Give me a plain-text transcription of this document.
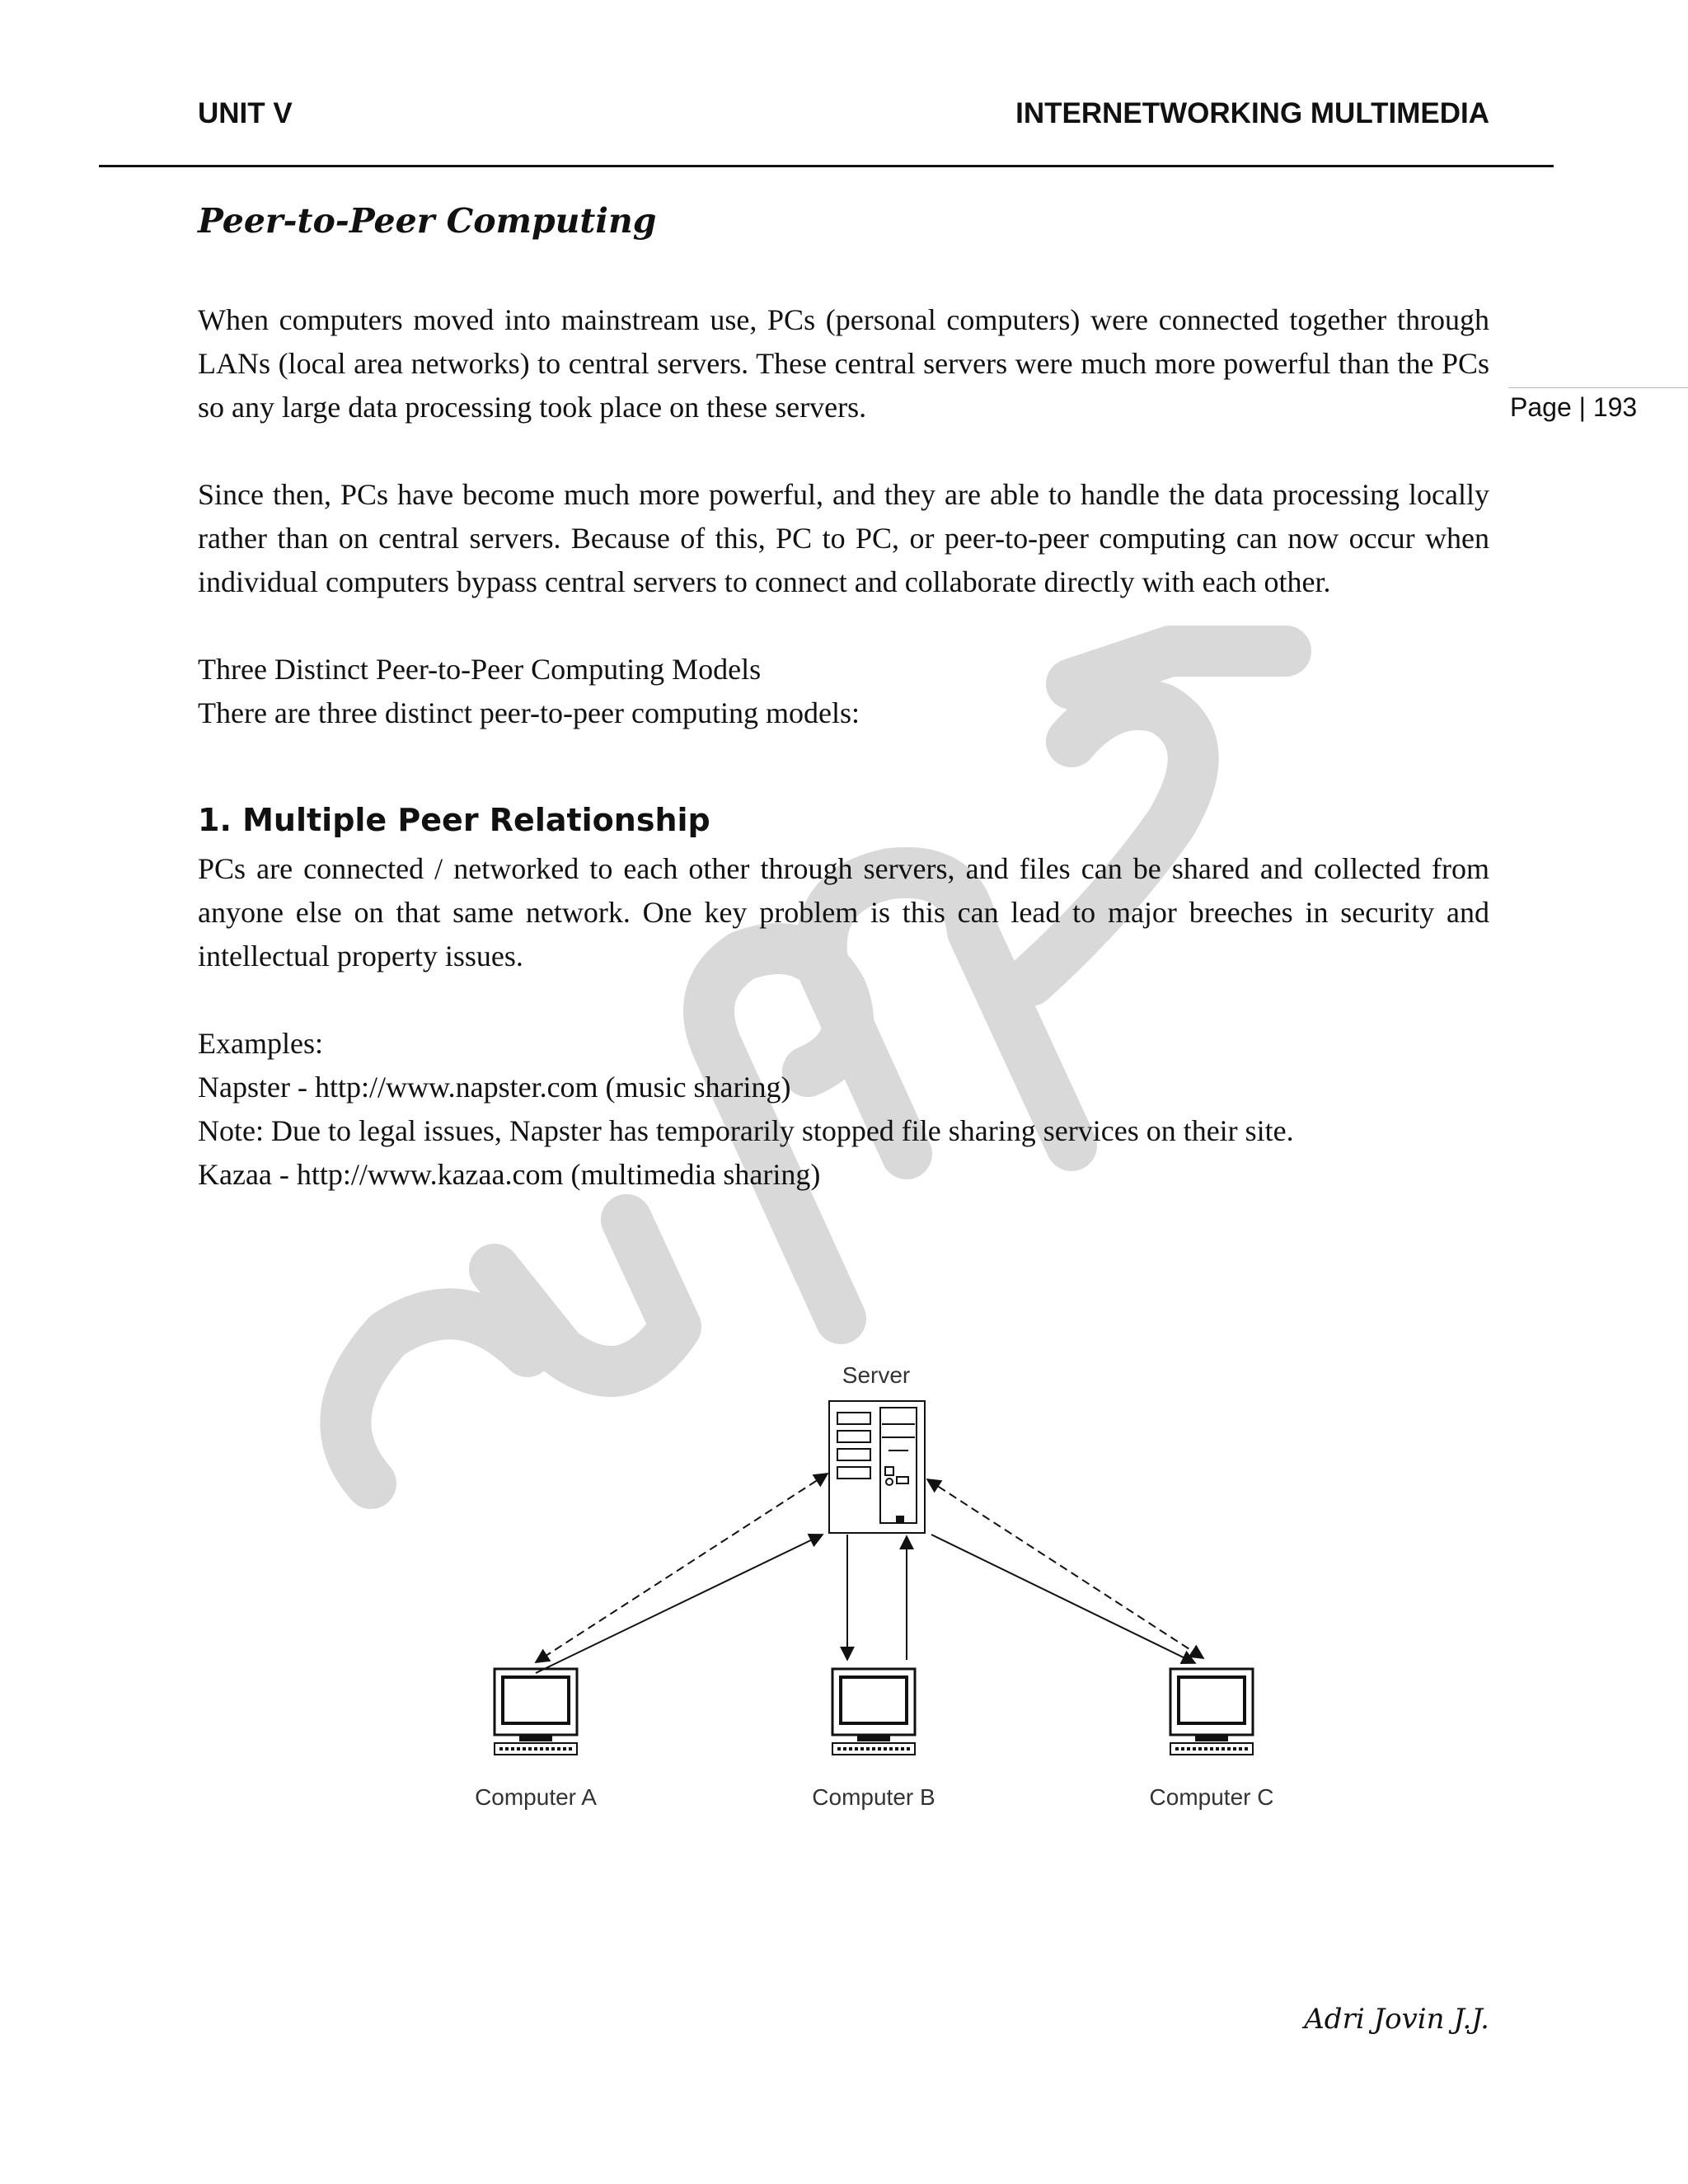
UNIT V	INTERNETWORKING MULTIMEDIA
Page | 193
Peer-to-Peer Computing

When computers moved into mainstream use, PCs (personal computers) were connected together through LANs (local area networks) to central servers. These central servers were much more powerful than the PCs so any large data processing took place on these servers.

Since then, PCs have become much more powerful, and they are able to handle the data processing locally rather than on central servers. Because of this, PC to PC, or peer-to-peer computing can now occur when individual computers bypass central servers to connect and collaborate directly with each other.

Three Distinct Peer-to-Peer Computing Models

There are three distinct peer-to-peer computing models:

1. Multiple Peer Relationship

PCs are connected / networked to each other through servers, and files can be shared and collected from anyone else on that same network. One key problem is this can lead to major breeches in security and intellectual property issues.

Examples:

Napster - http://www.napster.com (music sharing)

Note: Due to legal issues, Napster has temporarily stopped file sharing services on their site.

Kazaa - http://www.kazaa.com (multimedia sharing)

Server
Computer A	Computer B	Computer C
Adri Jovin J.J.
